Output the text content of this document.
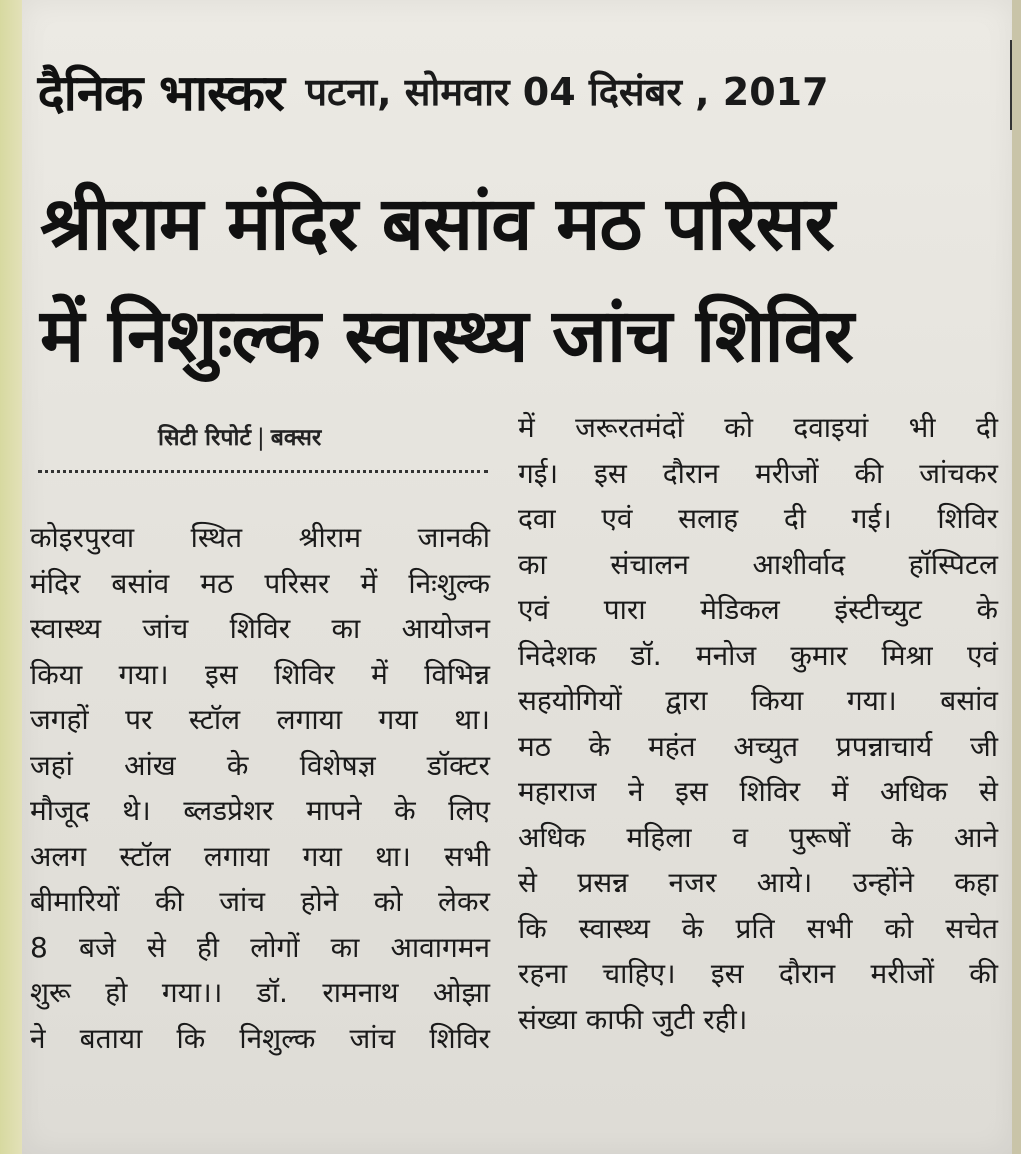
दैनिक भास्कर पटना, सोमवार 04 दिसंबर , 2017
श्रीराम मंदिर बसांव मठ परिसर
में निशुःल्क स्वास्थ्य जांच शिविर
सिटी रिपोर्ट | बक्सर
कोइरपुरवा स्थित श्रीराम जानकी
मंदिर बसांव मठ परिसर में निःशुल्क
स्वास्थ्य जांच शिविर का आयोजन
किया गया। इस शिविर में विभिन्न
जगहों पर स्टॉल लगाया गया था।
जहां आंख के विशेषज्ञ डॉक्टर
मौजूद थे। ब्लडप्रेशर मापने के लिए
अलग स्टॉल लगाया गया था। सभी
बीमारियों की जांच होने को लेकर
8 बजे से ही लोगों का आवागमन
शुरू हो गया।। डॉ. रामनाथ ओझा
ने बताया कि निशुल्क जांच शिविर
में जरूरतमंदों को दवाइयां भी दी
गई। इस दौरान मरीजों की जांचकर
दवा एवं सलाह दी गई। शिविर
का संचालन आशीर्वाद हॉस्पिटल
एवं पारा मेडिकल इंस्टीच्युट के
निदेशक डॉ. मनोज कुमार मिश्रा एवं
सहयोगियों द्वारा किया गया। बसांव
मठ के महंत अच्युत प्रपन्नाचार्य जी
महाराज ने इस शिविर में अधिक से
अधिक महिला व पुरूषों के आने
से प्रसन्न नजर आये। उन्होंने कहा
कि स्वास्थ्य के प्रति सभी को सचेत
रहना चाहिए। इस दौरान मरीजों की
संख्या काफी जुटी रही।
